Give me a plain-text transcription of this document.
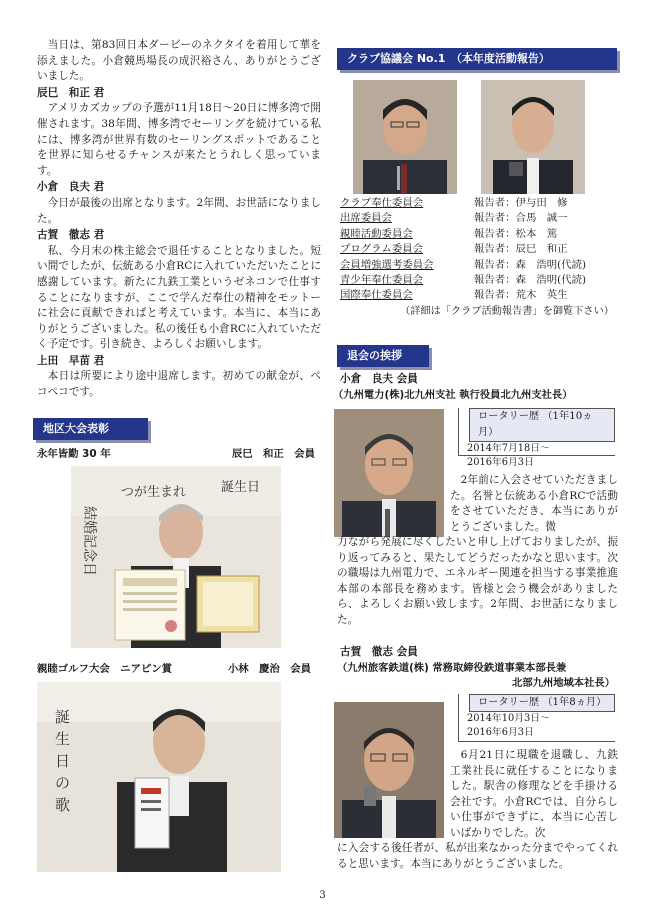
当日は、第83回日本ダービーのネクタイを着用して華を添えました。小倉競馬場長の成沢裕さん、ありがとうございました。

辰巳　和正 君

アメリカズカップの予選が11月18日～20日に博多湾で開催されます。38年間、博多湾でセーリングを続けている私には、博多湾が世界有数のセーリングスポットであることを世界に知らせるチャンスが来たとうれしく思っています。

小倉　良夫 君

今日が最後の出席となります。2年間、お世話になりました。

古賀　徹志 君

私、今月末の株主総会で退任することとなりました。短い間でしたが、伝統ある小倉RCに入れていただいたことに感謝しています。新たに九鉄工業というゼネコンで仕事することになりますが、ここで学んだ奉仕の精神をモットーに社会に貢献できればと考えています。本当に、本当にありがとうございました。私の後任も小倉RCに入れていただく予定です。引き続き、よろしくお願いします。

上田　早苗 君

本日は所要により途中退席します。初めての献金が、ペコペコです。

地区大会表彰
永年皆勤 30 年	辰巳　和正　会員
結婚記念日
つが生まれ	誕生日
親睦ゴルフ大会　ニアピン賞	小林　慶治　会員
誕
生
日
の
歌
クラブ協議会 No.1　（本年度活動報告）
クラブ奉仕委員会	報告者：伊与田　修
出席委員会	報告者：合馬　誠一
親睦活動委員会	報告者：松本　篤
プログラム委員会	報告者：辰巳　和正
会員増強選考委員会	報告者：森　浩明(代読)
青少年奉仕委員会	報告者：森　浩明(代読)
国際奉仕委員会	報告者：荒木　英生
（詳細は「クラブ活動報告書」を御覧下さい）
退会の挨拶
小倉　良夫 会員
（九州電力(株)北九州支社 執行役員北九州支社長）
ロータリー歴 （1年10ヵ月）
2014年7月18日～
2016年6月3日

2年前に入会させていただきました。名誉と伝統ある小倉RCで活動をさせていただき、本当にありがとうございました。微

力ながら発展に尽くしたいと申し上げておりましたが、振り返ってみると、果たしてどうだったかなと思います。次の職場は九州電力で、エネルギー関連を担当する事業推進本部の本部長を務めます。皆様と会う機会がありましたら、よろしくお願い致します。2年間、お世話になりました。

古賀　徹志 会員
（九州旅客鉄道(株) 常務取締役鉄道事業本部長兼
北部九州地域本社長）
ロータリー歴 （1年8ヵ月）
2014年10月3日～
2016年6月3日

6月21日に現職を退職し、九鉄工業社長に就任することになりました。駅舎の修理などを手掛ける会社です。小倉RCでは、自分らしい仕事ができずに、本当に心苦しいばかりでした。次

に入会する後任者が、私が出来なかった分までやってくれると思います。本当にありがとうございました。

3
